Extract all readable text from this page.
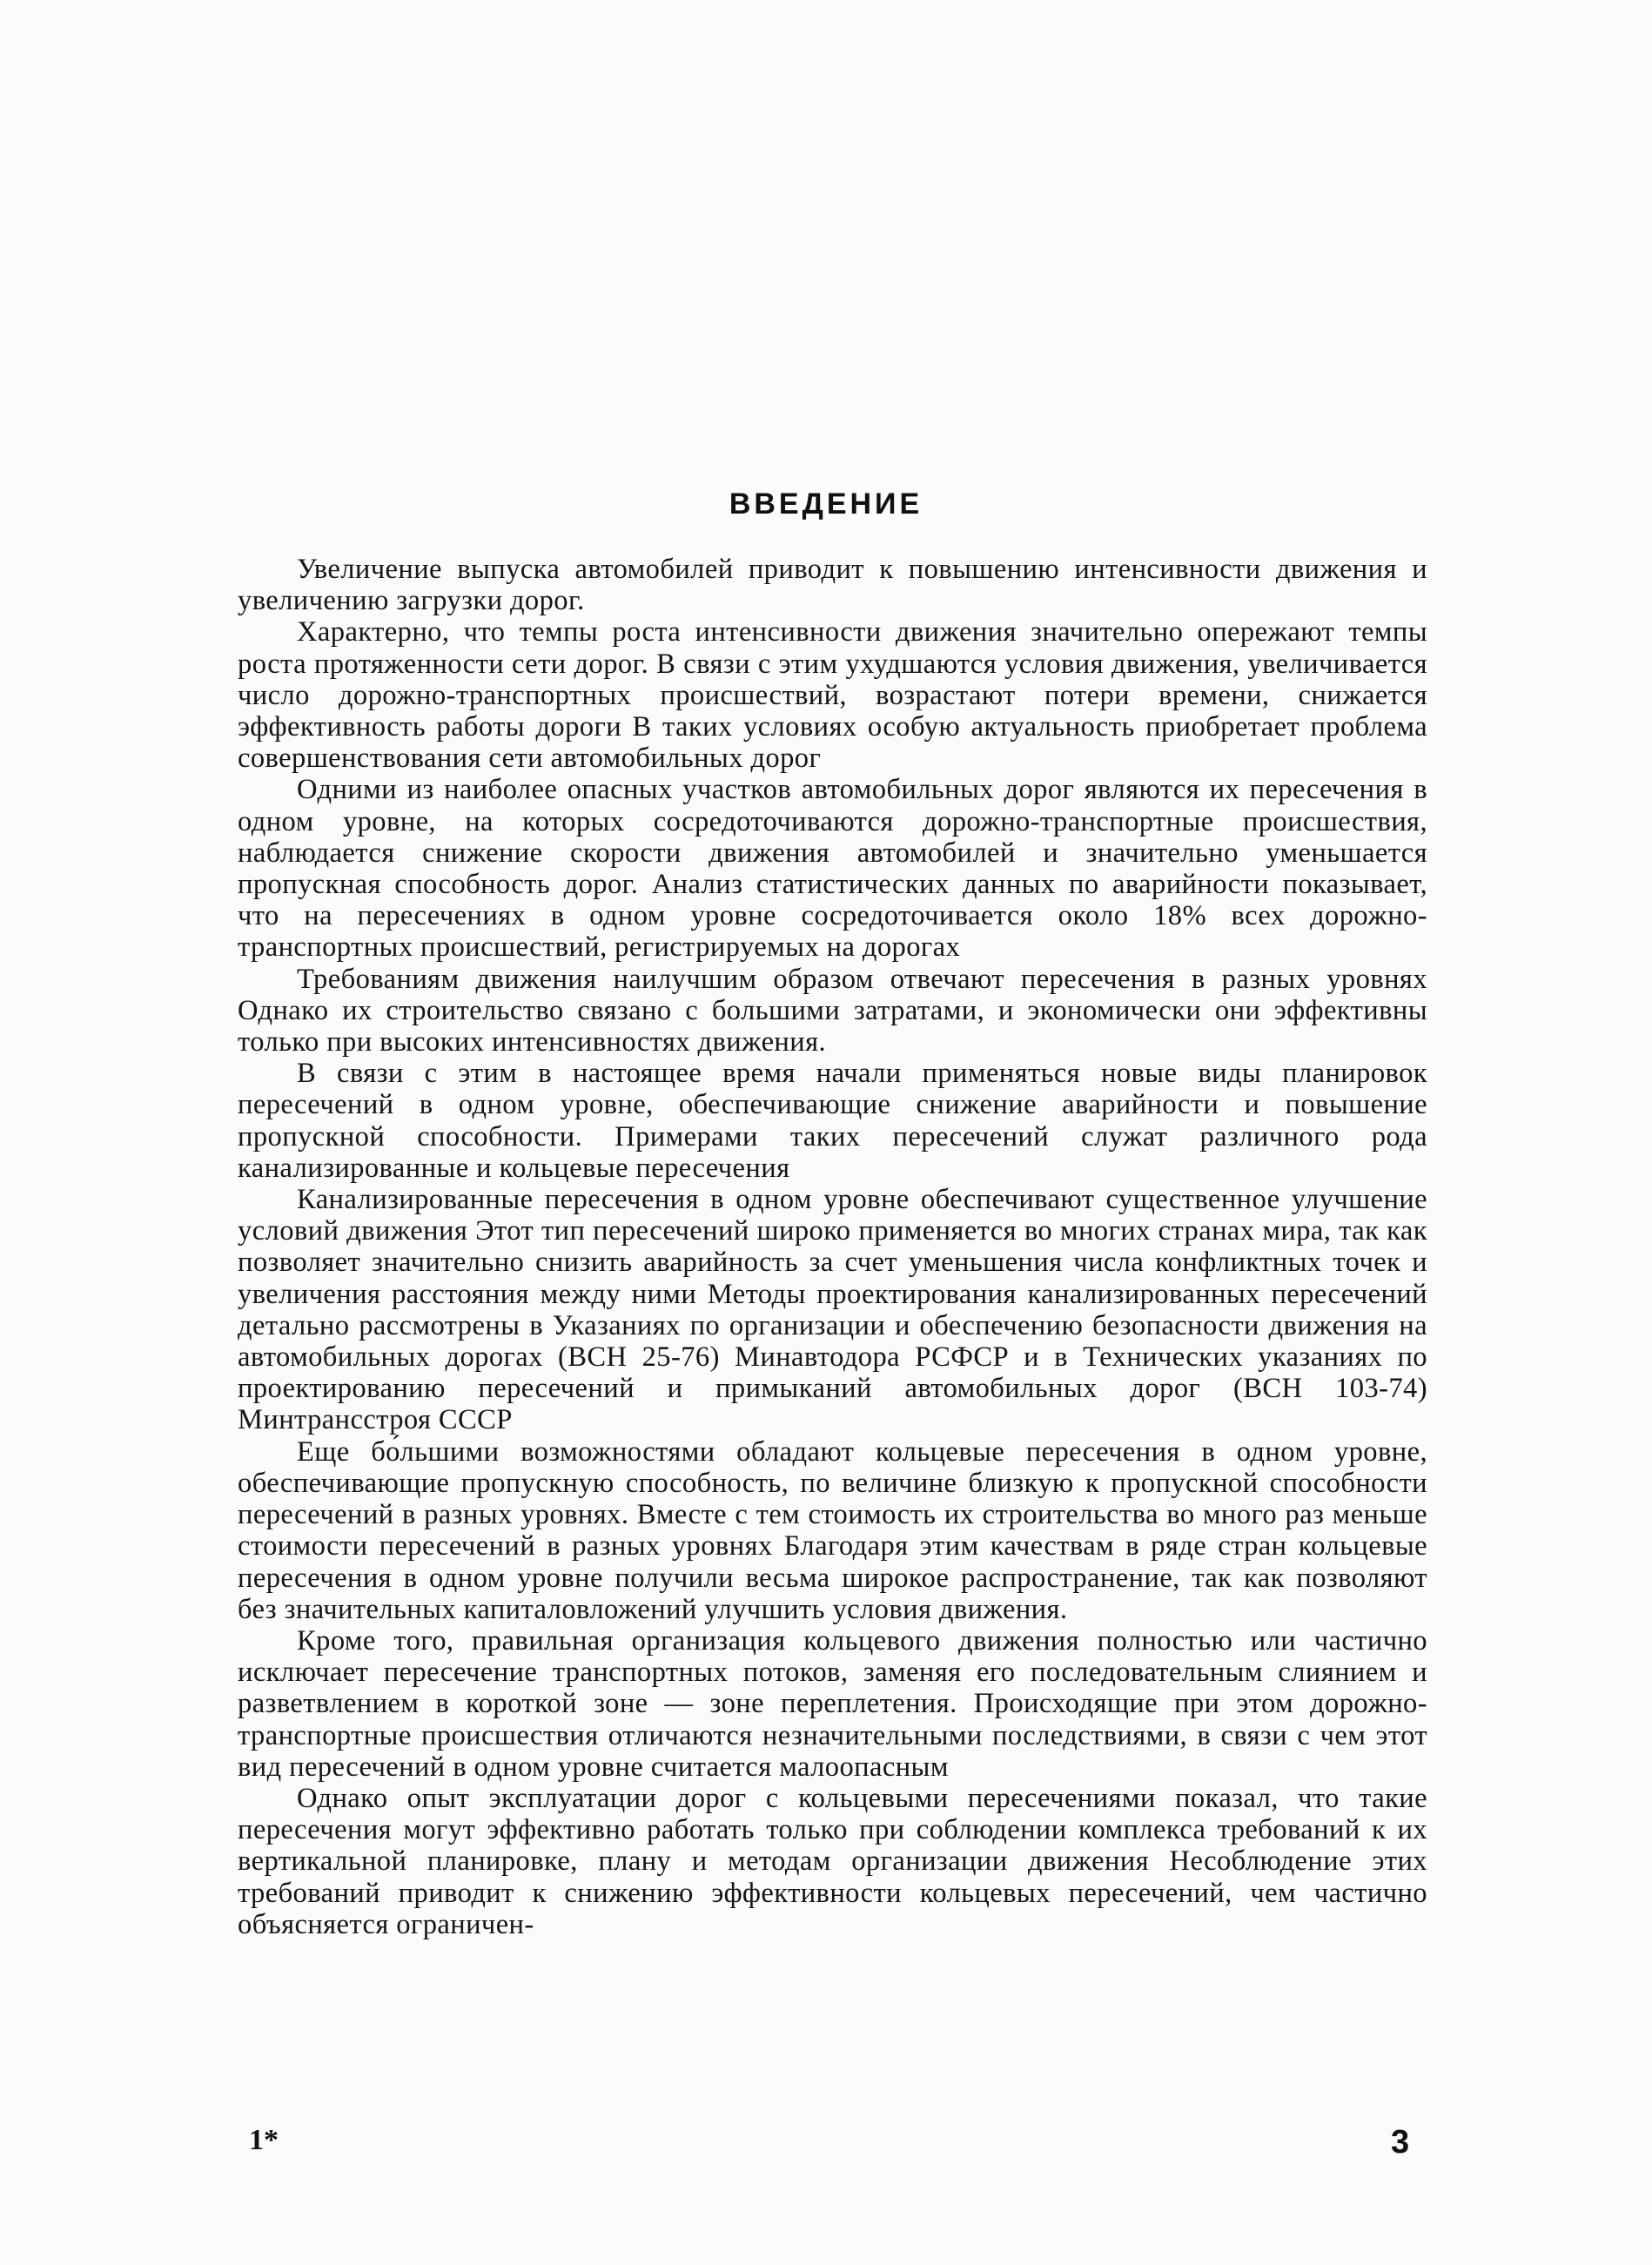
ВВЕДЕНИЕ

Увеличение выпуска автомобилей приводит к повышению интенсивности движения и увеличению загрузки дорог.

Характерно, что темпы роста интенсивности движения значительно опережают темпы роста протяженности сети дорог. В связи с этим ухудшаются условия движения, увеличивается число дорожно-транспортных происшествий, возрастают потери времени, снижается эффективность работы дороги В таких условиях особую актуальность приобретает проблема совершенствования сети автомобильных дорог

Одними из наиболее опасных участков автомобильных дорог являются их пересечения в одном уровне, на которых сосредоточиваются дорожно-транспортные происшествия, наблюдается снижение скорости движения автомобилей и значительно уменьшается пропускная способность дорог. Анализ статистических данных по аварийности показывает, что на пересечениях в одном уровне сосредоточивается около 18% всех дорожно-транспортных происшествий, регистрируемых на дорогах

Требованиям движения наилучшим образом отвечают пересечения в разных уровнях Однако их строительство связано с большими затратами, и экономически они эффективны только при высоких интенсивностях движения.

В связи с этим в настоящее время начали применяться новые виды планировок пересечений в одном уровне, обеспечивающие снижение аварийности и повышение пропускной способности. Примерами таких пересечений служат различного рода канализированные и кольцевые пересечения

Канализированные пересечения в одном уровне обеспечивают существенное улучшение условий движения Этот тип пересечений широко применяется во многих странах мира, так как позволяет значительно снизить аварийность за счет уменьшения числа конфликтных точек и увеличения расстояния между ними Методы проектирования канализированных пересечений детально рассмотрены в Указаниях по организации и обеспечению безопасности движения на автомобильных дорогах (ВСН 25-76) Минавтодора РСФСР и в Технических указаниях по проектированию пересечений и примыканий автомобильных дорог (ВСН 103-74) Минтрансстроя СССР

Еще бо́льшими возможностями обладают кольцевые пересечения в одном уровне, обеспечивающие пропускную способность, по величине близкую к пропускной способности пересечений в разных уровнях. Вместе с тем стоимость их строительства во много раз меньше стоимости пересечений в разных уровнях Благодаря этим качествам в ряде стран кольцевые пересечения в одном уровне получили весьма широкое распространение, так как позволяют без значительных капиталовложений улучшить условия движения.

Кроме того, правильная организация кольцевого движения полностью или частично исключает пересечение транспортных потоков, заменяя его последовательным слиянием и разветвлением в короткой зоне — зоне переплетения. Происходящие при этом дорожно-транспортные происшествия отличаются незначительными последствиями, в связи с чем этот вид пересечений в одном уровне считается малоопасным

Однако опыт эксплуатации дорог с кольцевыми пересечениями показал, что такие пересечения могут эффективно работать только при соблюдении комплекса требований к их вертикальной планировке, плану и методам организации движения Несоблюдение этих требований приводит к снижению эффективности кольцевых пересечений, чем частично объясняется ограничен-

1*	3
